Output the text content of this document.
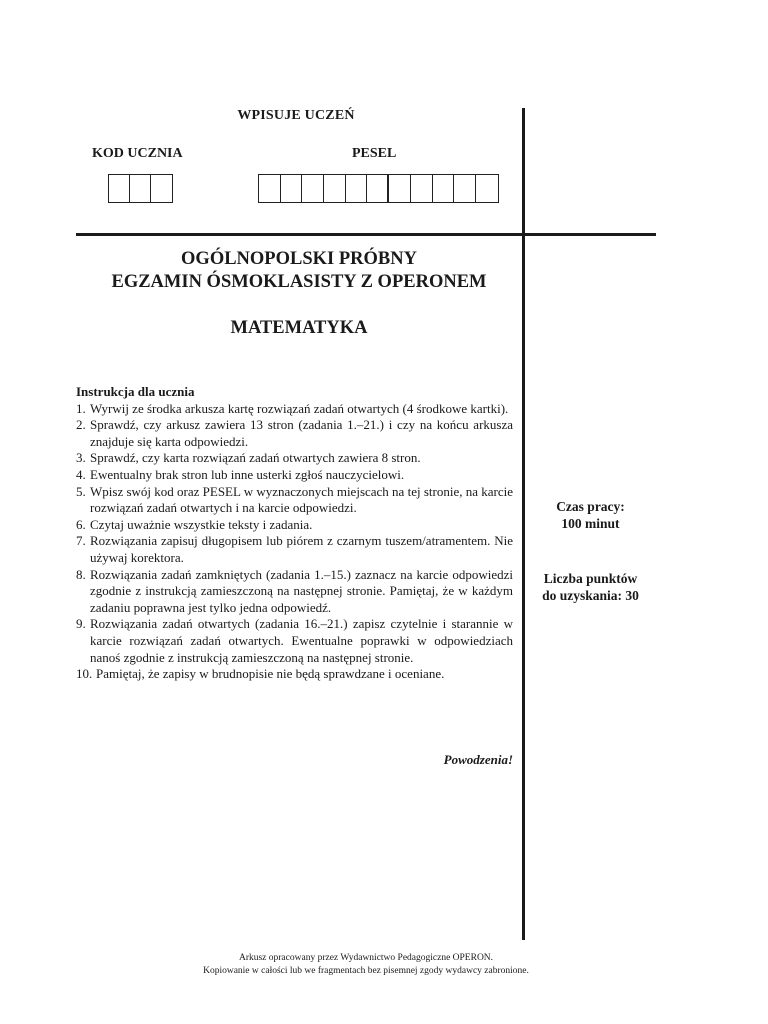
WPISUJE UCZEŃ
KOD UCZNIA	PESEL
OGÓLNOPOLSKI PRÓBNY
EGZAMIN ÓSMOKLASISTY Z OPERONEM
MATEMATYKA
Instrukcja dla ucznia
1. Wyrwij ze środka arkusza kartę rozwiązań zadań otwartych (4 środkowe kartki).
2. Sprawdź, czy arkusz zawiera 13 stron (zadania 1.–21.) i czy na końcu arkusza znajduje się karta odpowiedzi.
3. Sprawdź, czy karta rozwiązań zadań otwartych zawiera 8 stron.
4. Ewentualny brak stron lub inne usterki zgłoś nauczycielowi.
5. Wpisz swój kod oraz PESEL w wyznaczonych miejscach na tej stronie, na karcie rozwiązań zadań otwartych i na karcie odpowiedzi.
6. Czytaj uważnie wszystkie teksty i zadania.
7. Rozwiązania zapisuj długopisem lub piórem z czarnym tuszem/atramentem. Nie używaj korektora.
8. Rozwiązania zadań zamkniętych (zadania 1.–15.) zaznacz na karcie odpowiedzi zgodnie z instrukcją zamieszczoną na następnej stronie. Pamiętaj, że w każdym zadaniu poprawna jest tylko jedna odpowiedź.
9. Rozwiązania zadań otwartych (zadania 16.–21.) zapisz czytelnie i starannie w karcie rozwiązań zadań otwartych. Ewentualne poprawki w odpowiedziach nanoś zgodnie z instrukcją zamieszczoną na następnej stronie.
10. Pamiętaj, że zapisy w brudnopisie nie będą sprawdzane i oceniane.
Powodzenia!
Czas pracy:
100 minut
Liczba punktów
do uzyskania: 30
Arkusz opracowany przez Wydawnictwo Pedagogiczne OPERON.
Kopiowanie w całości lub we fragmentach bez pisemnej zgody wydawcy zabronione.
